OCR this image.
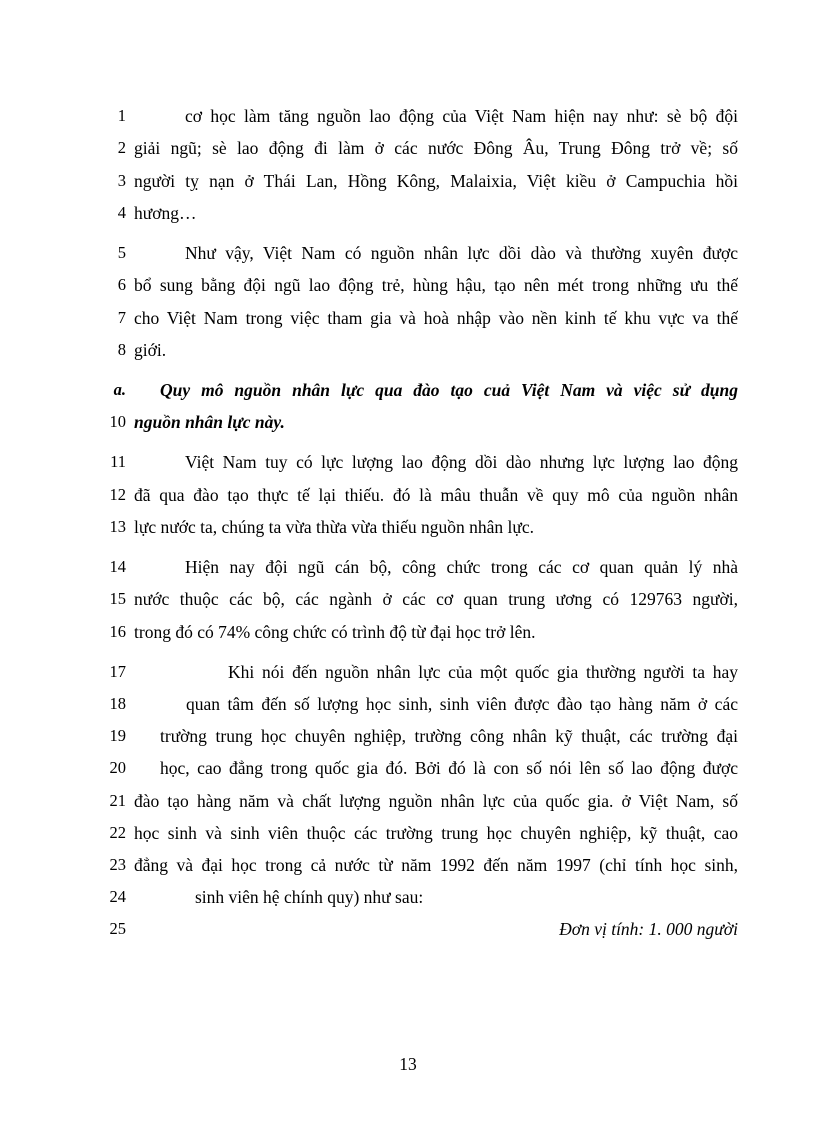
1	cơ học làm tăng nguồn lao động của Việt Nam hiện nay như: sè bộ đội
2 giải ngũ; sè lao động đi làm ở các nước Đông Âu, Trung Đông trở về; số
3 người tỵ nạn ở Thái Lan, Hồng Kông, Malaixia, Việt kiều ở Campuchia hồi
4 hương…
5	Như vậy, Việt Nam có nguồn nhân lực dồi dào và thường xuyên được
6 bổ sung bằng đội ngũ lao động trẻ, hùng hậu, tạo nên mét trong những ưu thế
7 cho Việt Nam trong việc tham gia và hoà nhập vào nền kinh tế khu vực va thế
8 giới.
a. Quy mô nguồn nhân lực qua đào tạo cuả Việt Nam và việc sử dụng
10 nguồn nhân lực này.
11	Việt Nam tuy có lực lượng lao động dồi dào nhưng lực lượng lao động
12 đã qua đào tạo thực tế lại thiếu. đó là mâu thuẫn về quy mô của nguồn nhân
13 lực nước ta, chúng ta vừa thừa vừa thiếu nguồn nhân lực.
14	Hiện nay đội ngũ cán bộ, công chức trong các cơ quan quản lý nhà
15 nước thuộc các bộ, các ngành ở các cơ quan trung ương có 129763 người,
16 trong đó có 74% công chức có trình độ từ đại học trở lên.
17	Khi nói đến nguồn nhân lực của một quốc gia thường người ta hay
18	quan tâm đến số lượng học sinh, sinh viên được đào tạo hàng năm ở các
19 trường trung học chuyên nghiệp, trường công nhân kỹ thuật, các trường đại
20 học, cao đẳng trong quốc gia đó. Bởi đó là con số nói lên số lao động được
21 đào tạo hàng năm và chất lượng nguồn nhân lực của quốc gia. ở Việt Nam, số
22 học sinh và sinh viên thuộc các trường trung học chuyên nghiệp, kỹ thuật, cao
23 đẳng và đại học trong cả nước từ năm 1992 đến năm 1997 (chỉ tính học sinh,
24	sinh viên hệ chính quy) như sau:
25	Đơn vị tính: 1. 000 người
13
